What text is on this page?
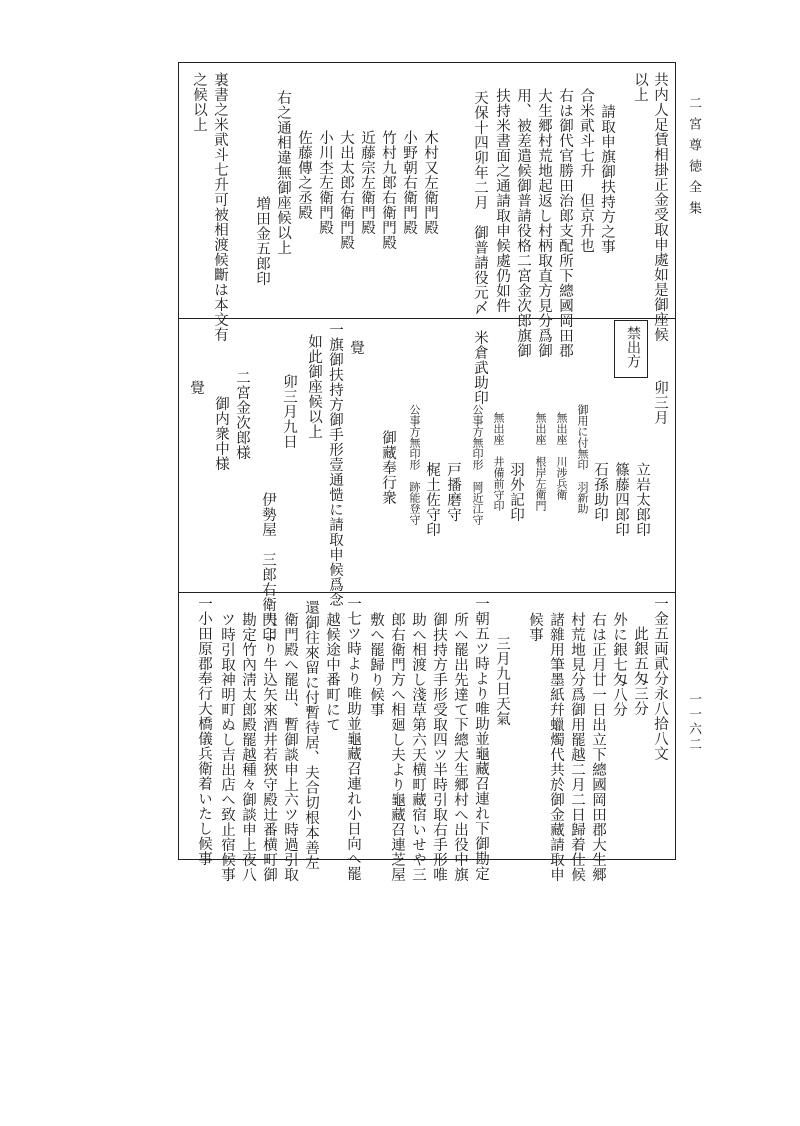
二宮尊徳全集
一一六二
共内人足賃相掛正金受取申處如是御座候
以上
請取申旗御扶持方之事
合米貮斗七升　但京升也
右は御代官勝田治郎支配所下總國岡田郡
大生郷村荒地起返し村柄取直方見分爲御
用、被差遣候御普請役格二宮金次郎旗御
扶持米書面之通請取申候處仍如件
天保十四卯年二月　御普請役元〆　米倉武助印
木村又左衛門殿
小野朝右衛門殿
竹村九郎右衛門殿
近藤宗左衛門殿
大出太郎右衛門殿
小川杢左衛門殿
佐藤傳之丞殿
右之通相違無御座候以上
増田金五郎印
裏書之米貮斗七升可被相渡候斷は本文有
之候以上
禁出方
卯三月
立岩太郎印
篠藤四郎印
石孫助印
御用に付無印　羽新助
無出座　川涉兵衛
無出座　根岸左衛門
羽外記印
無出座　井備前守印
公事方無印形　岡近江守
戸播磨守
梶土佐守印
公事方無印形　跡能登守
御藏奉行衆
覺
一旗御扶持方御手形壹通慥に請取申候爲念
如此御座候以上
卯三月九日
伊勢屋　三郎右衛門印
二宮金次郎様
御内衆中様
覺
一金五両貮分永八拾八文
此銀五匁三分
外に銀七匁八分
右は正月廿一日出立下總國岡田郡大生郷
村荒地見分爲御用罷越二月二日歸着仕候
諸雜用筆墨紙幷蠟燭代共於御金藏請取申
候事
三月九日天氣
一朝五ツ時より唯助並龜藏召連れ下御勘定
所へ罷出先達て下總大生郷村へ出役中旗
御扶持方手形受取四ツ半時引取右手形唯
助へ相渡し淺草第六天横町藏宿いせや三
郎右衛門方へ相廻し夫より龜藏召連芝屋
敷へ罷歸り候事
一七ツ時より唯助並龜藏召連れ小日向へ罷
越候途中番町にて
還御往來留に付暫待居、夫合切根本善左
衛門殿へ罷出、暫御談申上六ツ時過引取
夫より牛込矢來酒井若狹守殿辻番横町御
勘定竹內淸太郎殿罷越種々御談申上夜八
ツ時引取神明町ぬし吉出店へ致止宿候事
一小田原郡奉行大橋儀兵衛着いたし候事
